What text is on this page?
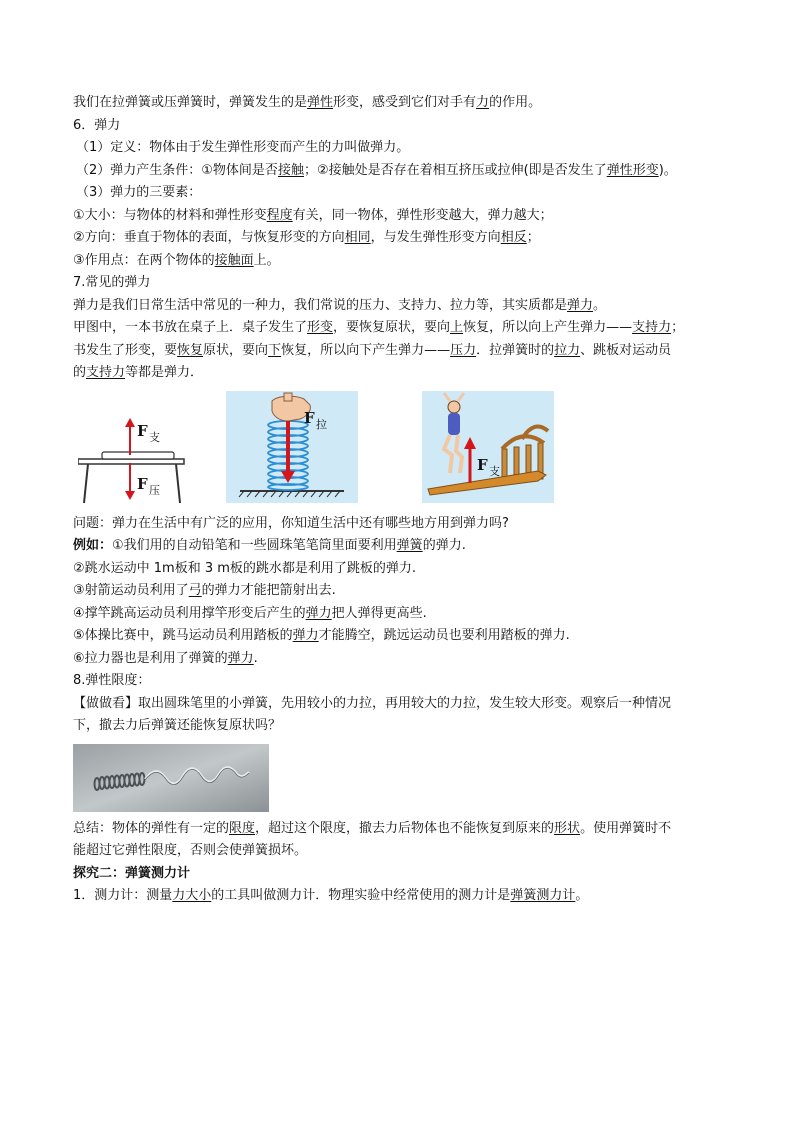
我们在拉弹簧或压弹簧时，弹簧发生的是弹性形变，感受到它们对手有力的作用。
6．弹力
（1）定义：物体由于发生弹性形变而产生的力叫做弹力。
（2）弹力产生条件：①物体间是否接触；②接触处是否存在着相互挤压或拉伸(即是否发生了弹性形变)。
（3）弹力的三要素：
①大小：与物体的材料和弹性形变程度有关，同一物体，弹性形变越大，弹力越大；
②方向：垂直于物体的表面，与恢复形变的方向相同，与发生弹性形变方向相反；
③作用点：在两个物体的接触面上。
7.常见的弹力
弹力是我们日常生活中常见的一种力，我们常说的压力、支持力、拉力等，其实质都是弹力。
甲图中，一本书放在桌子上．桌子发生了形变，要恢复原状，要向上恢复，所以向上产生弹力——支持力；
书发生了形变，要恢复原状，要向下恢复，所以向下产生弹力——压力．拉弹簧时的拉力、跳板对运动员
的支持力等都是弹力．
F 支
F 压
F 拉
F 支
问题：弹力在生活中有广泛的应用，你知道生活中还有哪些地方用到弹力吗?
例如：①我们用的自动铅笔和一些圆珠笔笔筒里面要利用弹簧的弹力.
②跳水运动中 1m板和 3 m板的跳水都是利用了跳板的弹力.
③射箭运动员利用了弓的弹力才能把箭射出去.
④撑竿跳高运动员利用撑竿形变后产生的弹力把人弹得更高些.
⑤体操比赛中，跳马运动员利用踏板的弹力才能腾空，跳远运动员也要利用踏板的弹力.
⑥拉力器也是利用了弹簧的弹力.
8.弹性限度：
【做做看】取出圆珠笔里的小弹簧，先用较小的力拉，再用较大的力拉，发生较大形变。观察后一种情况
下，撤去力后弹簧还能恢复原状吗？
总结：物体的弹性有一定的限度，超过这个限度，撤去力后物体也不能恢复到原来的形状。使用弹簧时不
能超过它弹性限度，否则会使弹簧损坏。
探究二：弹簧测力计
1．测力计：测量力大小的工具叫做测力计．物理实验中经常使用的测力计是弹簧测力计。
